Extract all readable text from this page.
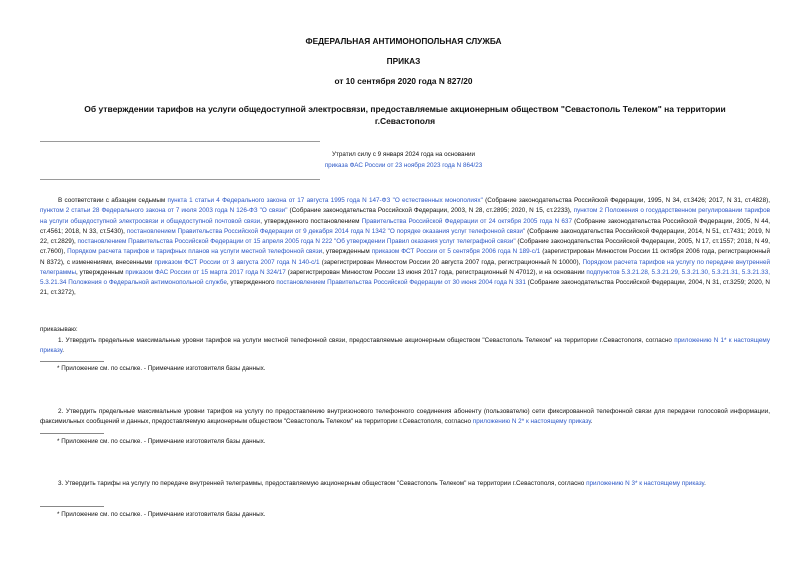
ФЕДЕРАЛЬНАЯ АНТИМОНОПОЛЬНАЯ СЛУЖБА
ПРИКАЗ
от 10 сентября 2020 года N 827/20
Об утверждении тарифов на услуги общедоступной электросвязи, предоставляемые акционерным обществом "Севастополь Телеком" на территории г.Севастополя
Утратил силу с 9 января 2024 года на основании
приказа ФАС России от 23 ноября 2023 года N 864/23

В соответствии с абзацем седьмым пункта 1 статьи 4 Федерального закона от 17 августа 1995 года N 147-ФЗ "О естественных монополиях" (Собрание законодательства Российской Федерации, 1995, N 34, ст.3426; 2017, N 31, ст.4828), пунктом 2 статьи 28 Федерального закона от 7 июля 2003 года N 126-ФЗ "О связи" (Собрание законодательства Российской Федерации, 2003, N 28, ст.2895; 2020, N 15, ст.2233), пунктом 2 Положения о государственном регулировании тарифов на услуги общедоступной электросвязи и общедоступной почтовой связи, утвержденного постановлением Правительства Российской Федерации от 24 октября 2005 года N 637 (Собрание законодательства Российской Федерации, 2005, N 44, ст.4561; 2018, N 33, ст.5430), постановлением Правительства Российской Федерации от 9 декабря 2014 года N 1342 "О порядке оказания услуг телефонной связи" (Собрание законодательства Российской Федерации, 2014, N 51, ст.7431; 2019, N 22, ст.2829), постановлением Правительства Российской Федерации от 15 апреля 2005 года N 222 "Об утверждении Правил оказания услуг телеграфной связи" (Собрание законодательства Российской Федерации, 2005, N 17, ст.1557; 2018, N 49, ст.7600), Порядком расчета тарифов и тарифных планов на услуги местной телефонной связи, утвержденным приказом ФСТ России от 5 сентября 2006 года N 189-с/1 (зарегистрирован Минюстом России 11 октября 2006 года, регистрационный N 8372), с изменениями, внесенными приказом ФСТ России от 3 августа 2007 года N 140-с/1 (зарегистрирован Минюстом России 20 августа 2007 года, регистрационный N 10000), Порядком расчета тарифов на услугу по передаче внутренней телеграммы, утвержденным приказом ФАС России от 15 марта 2017 года N 324/17 (зарегистрирован Минюстом России 13 июня 2017 года, регистрационный N 47012), и на основании подпунктов 5.3.21.28, 5.3.21.29, 5.3.21.30, 5.3.21.31, 5.3.21.33, 5.3.21.34 Положения о Федеральной антимонопольной службе, утвержденного постановлением Правительства Российской Федерации от 30 июня 2004 года N 331 (Собрание законодательства Российской Федерации, 2004, N 31, ст.3259; 2020, N 21, ст.3272),

приказываю:

1. Утвердить предельные максимальные уровни тарифов на услуги местной телефонной связи, предоставляемые акционерным обществом "Севастополь Телеком" на территории г.Севастополя, согласно приложению N 1* к настоящему приказу.

* Приложение см. по ссылке. - Примечание изготовителя базы данных.

2. Утвердить предельные максимальные уровни тарифов на услугу по предоставлению внутризонового телефонного соединения абоненту (пользователю) сети фиксированной телефонной связи для передачи голосовой информации, факсимильных сообщений и данных, предоставляемую акционерным обществом "Севастополь Телеком" на территории г.Севастополя, согласно приложению N 2* к настоящему приказу.

* Приложение см. по ссылке. - Примечание изготовителя базы данных.

3. Утвердить тарифы на услугу по передаче внутренней телеграммы, предоставляемую акционерным обществом "Севастополь Телеком" на территории г.Севастополя, согласно приложению N 3* к настоящему приказу.

* Приложение см. по ссылке. - Примечание изготовителя базы данных.
